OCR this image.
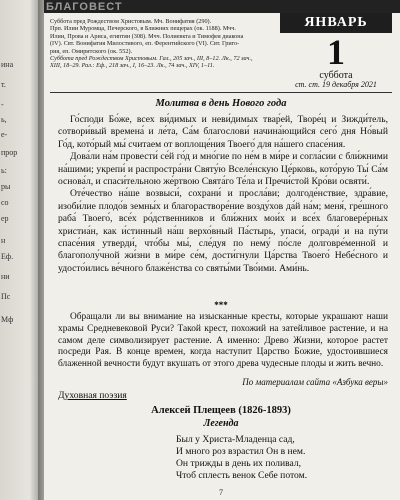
ина
т.
-
ь,
е-
прор
ь:
ры
со
ер
н
Еф.
ни
Пс
Мф
БЛАГОВЕСТ
Суббота пред Рождеством Христовым. Мч. Вонифатия (290).
Прп. Илии Муромца, Печерского, в Ближних пещерах (ок. 1188). Мчч.
Илии, Прова и Ариса, египтян (308). Мчч. Полиевкта и Тимофея диакона
(IV). Свт. Вонифатия Милостивого, еп. Ферентийского (VI). Свт. Григо-
рия, еп. Омиритского (ок. 552).
Суббота пред Рождеством Христовым. Гал., 205 зач., III, 8–12. Лк., 72 зач.,
XIII, 18–29. Рал.: Еф., 218 зач., I, 16–23. Лк., 74 зач., XIV, 1–11.
ЯНВАРЬ
1
суббота
ст. ст. 19 декабря 2021
Молитва в день Нового года

Го́споди Бо́же, всех ви́димых и неви́димых твар́ей, Творе́ц и Зижди́тель, сотвори́вый времена́ и ле́та, Са́м благослови́ начина́ющийся сего́ дня Но́вый Го́д, кото́рый мы́ считаем от воплоще́ния Твоего́ для на́шего спасе́ния.

Дова́ли на́м провести́ се́й го́д и мно́гие по не́м в ми́ре и согла́сии с бли́жними на́шими; укрепи́ и распростра́ни Святу́ю Вселе́нскую Це́рковь, кото́рую Ты́ Са́м основа́л, и спаси́тельною же́ртвою Свята́го Те́ла и Пречи́стой Кро́ви освяти́.

Оте́чество на́ше возвыси́, сохрани́ и просла́ви; долгоде́нствие, здра́вие, изоби́лие плодо́в земны́х и благорастворе́ние возду́хов да́й на́м; меня́, гре́шного раба́ Твоего́, все́х ро́дственников и бли́жних мои́х и все́х благовере́рных христиа́н, как и́стинный на́ш верхо́вный Па́стырь, упаси́, огради́ и на пу́ти спасе́ния утверди́, что́бы мы́, сле́дуя по нему́ по́сле долговре́менной и благополу́чной жи́зни в ми́ре се́м, дости́гнули Ца́рства Твоего́ Небе́сного и удосто́ились ве́чного блаже́нства со святы́ми Тво́ими. Ами́нь.

***

Обращали ли вы внимание на изысканные кресты, которые украшают наши храмы Средневековой Руси? Такой крест, похожий на затейливое растение, и на самом деле символизирует растение. А именно: Древо Жизни, которое растет посреди Рая. В конце времен, когда наступит Царство Божие, удостоившиеся блаженной вечности будут вкушать от этого древа чудесные плоды и жить вечно.

По материалам сайта «Азбука веры»
Духовная поэзия
Алексей Плещеев (1826-1893)
Легенда
Был у Христа-Младенца сад,
И много роз взрастил Он в нем.
Он трижды в день их поливал,
Чтоб сплесть венок Себе потом.
7
